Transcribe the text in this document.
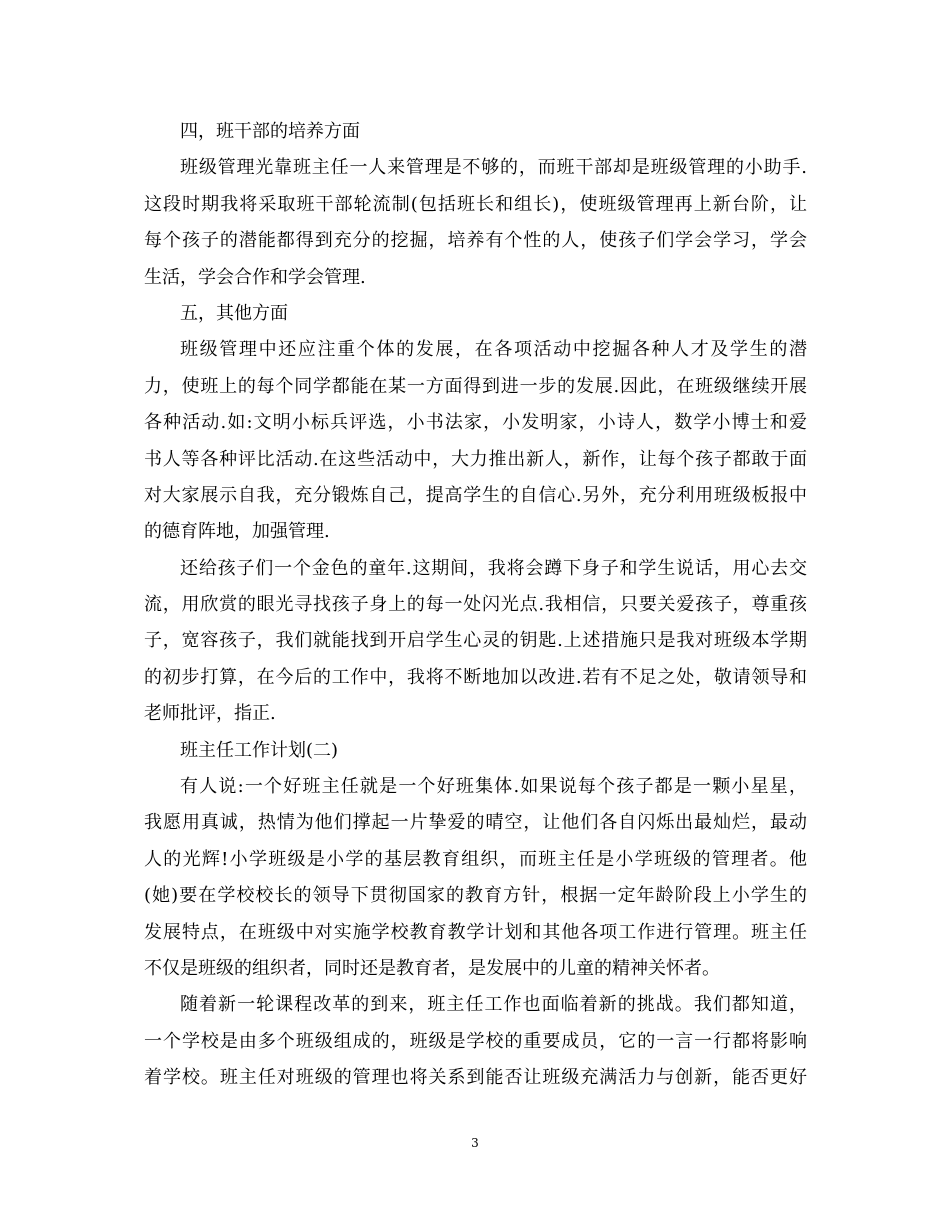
四，班干部的培养方面
班级管理光靠班主任一人来管理是不够的，而班干部却是班级管理的小助手.
这段时期我将采取班干部轮流制(包括班长和组长)，使班级管理再上新台阶，让
每个孩子的潜能都得到充分的挖掘，培养有个性的人，使孩子们学会学习，学会
生活，学会合作和学会管理.
五，其他方面
班级管理中还应注重个体的发展，在各项活动中挖掘各种人才及学生的潜
力，使班上的每个同学都能在某一方面得到进一步的发展.因此，在班级继续开展
各种活动.如:文明小标兵评选，小书法家，小发明家，小诗人，数学小博士和爱
书人等各种评比活动.在这些活动中，大力推出新人，新作，让每个孩子都敢于面
对大家展示自我，充分锻炼自己，提高学生的自信心.另外，充分利用班级板报中
的德育阵地，加强管理.
还给孩子们一个金色的童年.这期间，我将会蹲下身子和学生说话，用心去交
流，用欣赏的眼光寻找孩子身上的每一处闪光点.我相信，只要关爱孩子，尊重孩
子，宽容孩子，我们就能找到开启学生心灵的钥匙.上述措施只是我对班级本学期
的初步打算，在今后的工作中，我将不断地加以改进.若有不足之处，敬请领导和
老师批评，指正.
班主任工作计划(二)
有人说:一个好班主任就是一个好班集体.如果说每个孩子都是一颗小星星，
我愿用真诚，热情为他们撑起一片挚爱的晴空，让他们各自闪烁出最灿烂，最动
人的光辉!小学班级是小学的基层教育组织，而班主任是小学班级的管理者。他
(她)要在学校校长的领导下贯彻国家的教育方针，根据一定年龄阶段上小学生的
发展特点，在班级中对实施学校教育教学计划和其他各项工作进行管理。班主任
不仅是班级的组织者，同时还是教育者，是发展中的儿童的精神关怀者。
随着新一轮课程改革的到来，班主任工作也面临着新的挑战。我们都知道，
一个学校是由多个班级组成的，班级是学校的重要成员，它的一言一行都将影响
着学校。班主任对班级的管理也将关系到能否让班级充满活力与创新，能否更好
3
